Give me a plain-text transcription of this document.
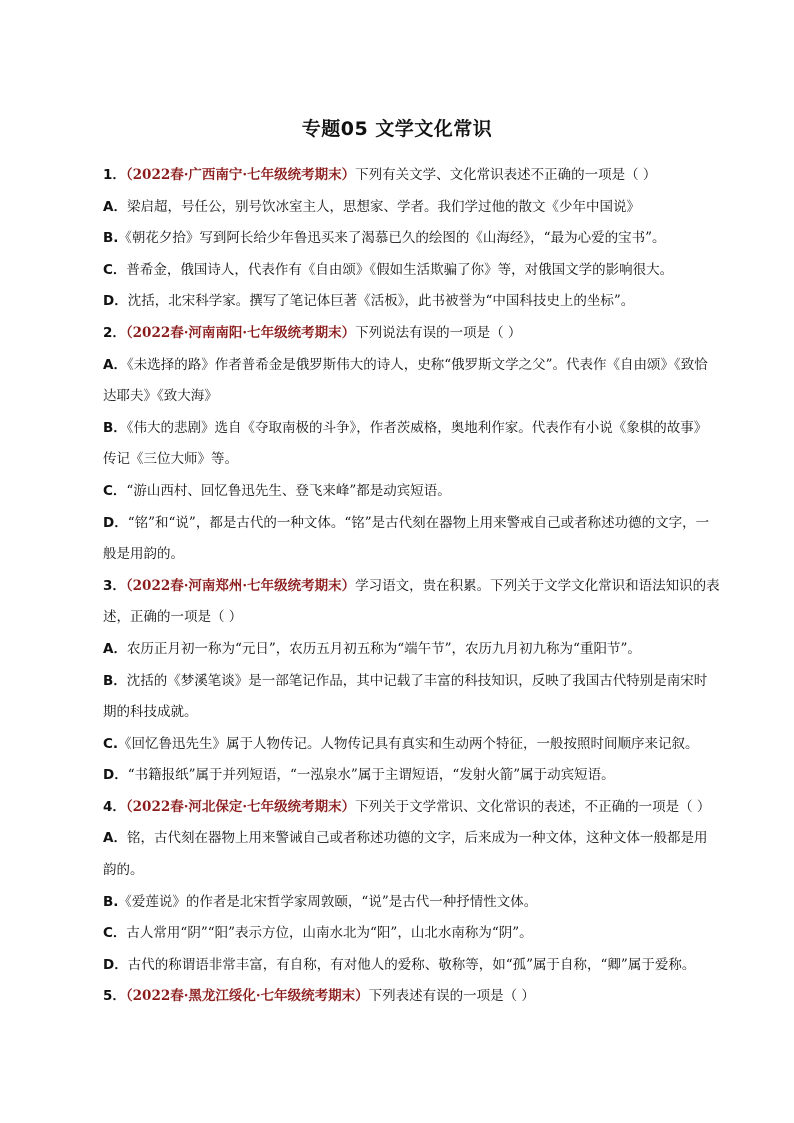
专题05 文学文化常识
1．（2022春·广西南宁·七年级统考期末）下列有关文学、文化常识表述不正确的一项是（ ）
A．梁启超，号任公，别号饮冰室主人，思想家、学者。我们学过他的散文《少年中国说》
B.《朝花夕拾》写到阿长给少年鲁迅买来了渴慕已久的绘图的《山海经》，“最为心爱的宝书”。
C．普希金，俄国诗人，代表作有《自由颂》《假如生活欺骗了你》等，对俄国文学的影响很大。
D．沈括，北宋科学家。撰写了笔记体巨著《活板》，此书被誉为“中国科技史上的坐标”。
2．（2022春·河南南阳·七年级统考期末）下列说法有误的一项是（ ）
A．《未选择的路》作者普希金是俄罗斯伟大的诗人，史称“俄罗斯文学之父”。代表作《自由颂》《致恰
达耶夫》《致大海》
B．《伟大的悲剧》选自《夺取南极的斗争》，作者茨威格，奥地利作家。代表作有小说《象棋的故事》
传记《三位大师》等。
C．“游山西村、回忆鲁迅先生、登飞来峰”都是动宾短语。
D．“铭”和“说”，都是古代的一种文体。“铭”是古代刻在器物上用来警戒自己或者称述功德的文字，一
般是用韵的。
3．（2022春·河南郑州·七年级统考期末）学习语文，贵在积累。下列关于文学文化常识和语法知识的表
述，正确的一项是（ ）
A．农历正月初一称为“元日”，农历五月初五称为“端午节”，农历九月初九称为“重阳节”。
B．沈括的《梦溪笔谈》是一部笔记作品，其中记载了丰富的科技知识，反映了我国古代特别是南宋时
期的科技成就。
C.《回忆鲁迅先生》属于人物传记。人物传记具有真实和生动两个特征，一般按照时间顺序来记叙。
D．“书籍报纸”属于并列短语，“一泓泉水”属于主谓短语，“发射火箭”属于动宾短语。
4．（2022春·河北保定·七年级统考期末）下列关于文学常识、文化常识的表述，不正确的一项是（ ）
A．铭，古代刻在器物上用来警诫自己或者称述功德的文字，后来成为一种文体，这种文体一般都是用
韵的。
B.《爱莲说》的作者是北宋哲学家周敦颐，“说”是古代一种抒情性文体。
C．古人常用“阴”“阳”表示方位，山南水北为“阳”，山北水南称为“阴”。
D．古代的称谓语非常丰富，有自称，有对他人的爱称、敬称等，如“孤”属于自称，“卿”属于爱称。
5．（2022春·黑龙江绥化·七年级统考期末）下列表述有误的一项是（ ）
